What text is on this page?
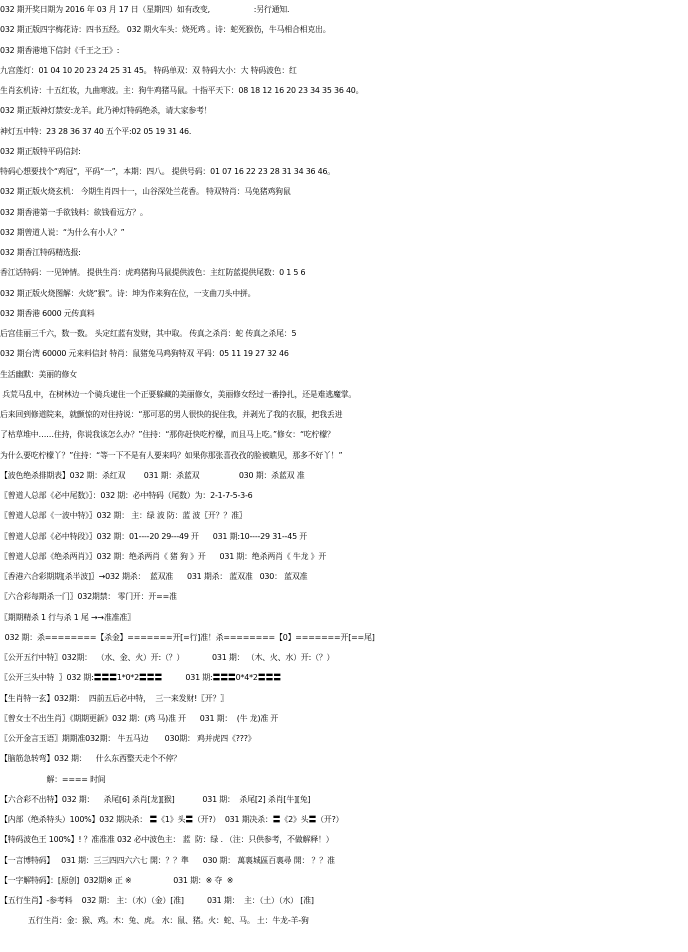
032 期开奖日期为 2016 年 03 月 17 日（星期四）如有改变,                   :另行通知.
032 期正版四字梅花诗：四书五经。 032 期火车头：烧死鸡 。诗：蛇死猴伤，牛马相合相克出。
032 期香港地下信封《千王之王》:
九宫莲灯：01 04 10 20 23 24 25 31 45。 特码单双：双 特码大小：大 特码波色：红
生肖玄机诗：十五红妆，九曲寒波。主：狗牛鸡猪马鼠。十指平天下：08 18 12 16 20 23 34 35 36 40。
032 期正版神灯禁安:龙羊。此乃神灯特码绝杀，请大家参考！
神灯五中特：23 28 36 37 40 五个平:02 05 19 31 46.
032 期正版特平码信封:
特码心想要找个“鸡冠”，平码“一”，本期：四八。 提供号码：01 07 16 22 23 28 31 34 36 46。
032 期正版火烧玄机： 今期生肖四十一，山谷深处兰花香。 特双特肖：马兔猪鸡狗鼠
032 期香港第一手欲钱料：欲钱看远方？。
032 期曾道人说：“为什么有小人？”
032 期香江特码精选报:
香江话特码：一见钟情。 提供生肖：虎鸡猪狗马鼠提供波色：主红防蓝提供尾数：0 1 5 6
032 期正版火烧图解：火烧“猴”。诗：坤为作来狗在位，一支曲刀头中拼。
032 期香港 6000 元传真料
后宫佳丽三千六，数一数。 头定红蓝有发财，其中取。 传真之杀肖：蛇 传真之杀尾：5
032 期台湾 60000 元来料信封 特肖：鼠猪兔马鸡狗特双 平码：05 11 19 27 32 46
生活幽默：美丽的修女
兵荒马乱中，在树林边一个骑兵逮住一个正要躲藏的美丽修女，美丽修女经过一番挣扎，还是难逃魔掌。
后来回到修道院来，就颤惊的对住持说：“那可恶的男人很快的捉住我，并剥光了我的衣服，把我丢进
了枯草堆中……住持，你说我该怎么办？”住持：“那你赶快吃柠檬，而且马上吃。”修女：“吃柠檬？
为什么要吃柠檬丫？”住持：“等一下不是有人要来吗？如果你那张喜孜孜的脸被瞧见，那多不好丫！”
【波色绝杀排期表】032 期：杀红双        031 期：杀蓝双                 030 期：杀蓝双 准
〖曾道人总部《必中尾数》〗：032 期：必中特码（尾数）为：2-1-7-5-3-6
〖曾道人总部《一波中特》〗032 期： 主：绿 波 防：蓝 波〖开？？准〗
〖曾道人总部《必中特段》〗032 期：01----20 29---49 开      031 期:10----29 31--45 开
〖曾道人总部《绝杀两肖》〗032 期：绝杀两肖《 猪 狗 》开      031 期：绝杀两肖《 牛龙 》开
〖香港六合彩期期[杀半波]〗→032 期杀：  蓝双准      031 期杀： 蓝双准   030： 蓝双准
〖六合彩每期杀一门〗032期禁： 零门开：开==准
〖期期精杀 1 行与杀 1 尾 →→准准准〗
032 期：杀========【杀金】=======开[=行]准！杀========【0】=======开[==尾]
〖公开五行中特〗032期：  （水、金、火）开:（？）            031 期： （木、火、水）开:（？）
〖公开三头中特  〗032 期:〓〓〓1*0*2〓〓〓          031 期:〓〓〓0*4*2〓〓〓
【生肖特一玄】032期：  四前五后必中特，  三一来发财!〖开？〗
〖曾女士不出生肖〗《期期更新》032 期：(鸡 马)准 开      031 期：  (牛 龙)准 开
〖公开金言玉语〗期期准032期： 牛五马边       030期： 鸡并虎四《???》
【脑筋急转弯】032 期：    什么东西整天走个不停？
解：==== 时间
【六合彩不出特】032 期：    杀尾[6] 杀肖[龙][猴]            031 期：  杀尾[2] 杀肖[牛][兔]
【内部（绝杀特头）100%】032 期决杀： 〓《1》头〓（开?）  031 期决杀：〓《2》头〓（开?）
【特码波色王 100%】! ？准准准 032 必中波色主： 蓝  防：绿 . （注：只供参考，不做解释！）
【一言博特码】   031 期：三三四四六六七 開：？？準      030 期： 萬裏城區百裏尋 開： ？？准
【一字解特码】：[原创]  032期※ 正 ※                  031 期：※ 夺  ※
【五行生肖】-参考料    032 期： 主：（水）（金）[准]          031 期：  主：（土）（水） [准]
五行生肖：金：猴、鸡。木：兔、虎。 水：鼠、猪。火：蛇、马。 土：牛龙-羊-狗
